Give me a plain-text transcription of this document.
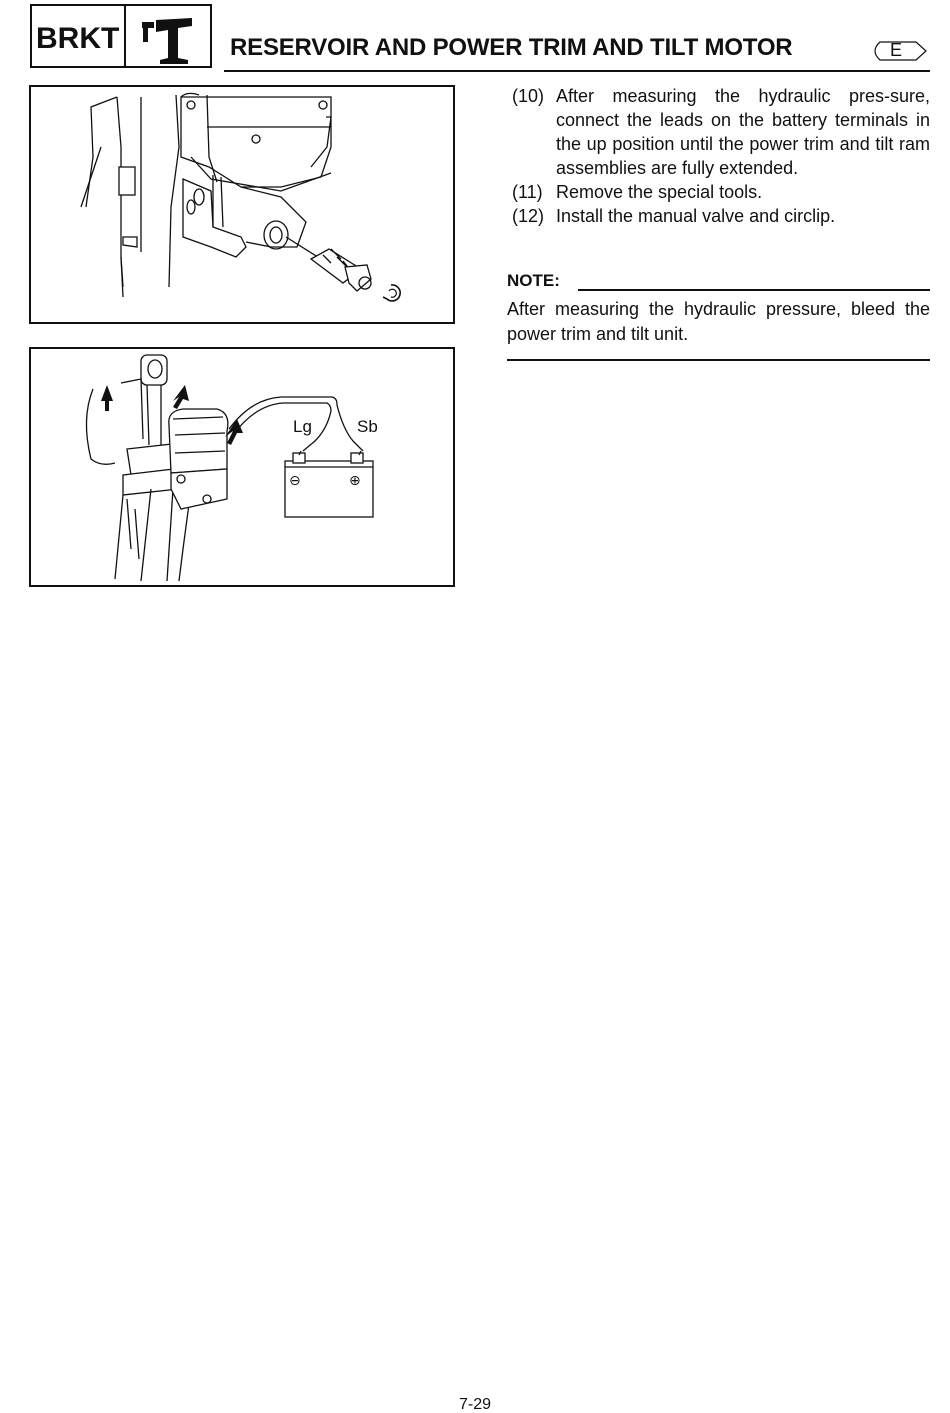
BRKT	RESERVOIR AND POWER TRIM AND TILT MOTOR	E
Lg	Sb
⊖	⊕
(10) After measuring the hydraulic pres-sure, connect the leads on the battery terminals in the up position until the power trim and tilt ram assemblies are fully extended.
(11) Remove the special tools.
(12) Install the manual valve and circlip.
NOTE:
After measuring the hydraulic pressure, bleed the power trim and tilt unit.
7-29
